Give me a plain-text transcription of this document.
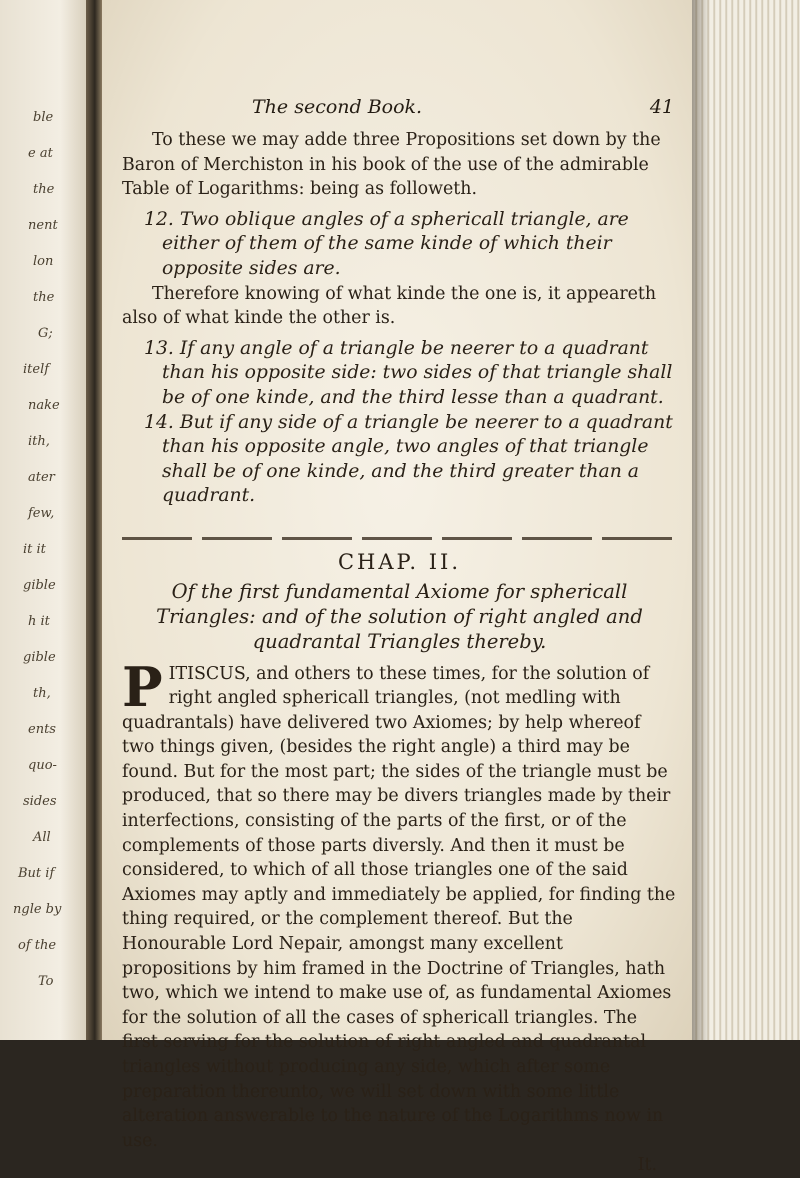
ble
e at
the
nent
lon
the
G;
itelf
nake
ith,
ater
few,
it it
gible
h it
gible
th,
ents
quo-
sides
All
But if
ngle by
of the
To
The second Book.	41

To these we may adde three Propositions set down by the Baron of Merchiston in his book of the use of the admirable Table of Logarithms: being as followeth.

12. Two oblique angles of a sphericall triangle, are either of them of the same kinde of which their opposite sides are.

Therefore knowing of what kinde the one is, it appeareth also of what kinde the other is.

13. If any angle of a triangle be neerer to a quadrant than his opposite side: two sides of that triangle shall be of one kinde, and the third lesse than a quadrant.

14. But if any side of a triangle be neerer to a quadrant than his opposite angle, two angles of that triangle shall be of one kinde, and the third greater than a quadrant.

CHAP. II.
Of the first fundamental Axiome for sphericall Triangles: and of the solution of right angled and quadrantal Triangles thereby.

P ITISCUS, and others to these times, for the solution of right angled sphericall triangles, (not medling with quadrantals) have delivered two Axiomes; by help whereof two things given, (besides the right angle) a third may be found. But for the most part; the sides of the triangle must be produced, that so there may be divers triangles made by their interfections, consisting of the parts of the first, or of the complements of those parts diversly. And then it must be considered, to which of all those triangles one of the said Axiomes may aptly and immediately be applied, for finding the thing required, or the complement thereof. But the Honourable Lord Nepair, amongst many excellent propositions by him framed in the Doctrine of Triangles, hath two, which we intend to make use of, as fundamental Axiomes for the solution of all the cases of sphericall triangles. The first serving for the solution of right angled and quadrantal triangles without producing any side, which after some preparation thereunto, we will set down with some little alteration answerable to the nature of the Logarithms now in use.

It.
